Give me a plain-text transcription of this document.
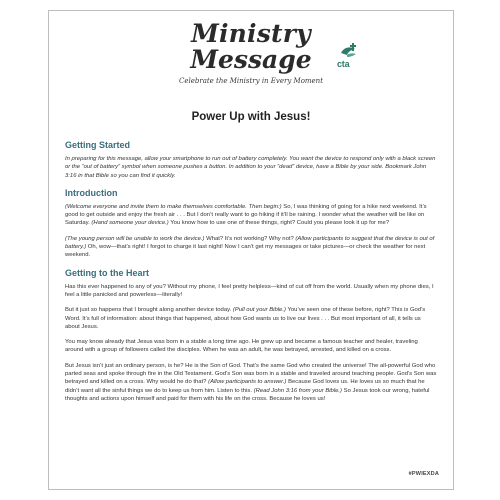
Ministry
Message	cta
Celebrate the Ministry in Every Moment
Power Up with Jesus!
Getting Started

In preparing for this message, allow your smartphone to run out of battery completely. You want the device to respond only with a black screen or the “out of battery” symbol when someone pushes a button. In addition to your “dead” device, have a Bible by your side. Bookmark John 3:16 in that Bible so you can find it quickly.

Introduction

(Welcome everyone and invite them to make themselves comfortable. Then begin:) So, I was thinking of going for a hike next weekend. It’s good to get outside and enjoy the fresh air . . . But I don’t really want to go hiking if it’ll be raining. I wonder what the weather will be like on Saturday. (Hand someone your device.) You know how to use one of these things, right? Could you please look it up for me?

(The young person will be unable to work the device.) What? It’s not working? Why not? (Allow participants to suggest that the device is out of battery.) Oh, wow—that’s right! I forgot to charge it last night! Now I can’t get my messages or take pictures—or check the weather for next weekend.

Getting to the Heart

Has this ever happened to any of you? Without my phone, I feel pretty helpless—kind of cut off from the world. Usually when my phone dies, I feel a little panicked and powerless—literally!

But it just so happens that I brought along another device today. (Pull out your Bible.) You’ve seen one of these before, right? This is God’s Word. It’s full of information: about things that happened, about how God wants us to live our lives . . . But most important of all, it tells us about Jesus.

You may know already that Jesus was born in a stable a long time ago. He grew up and became a famous teacher and healer, traveling around with a group of followers called the disciples. When he was an adult, he was betrayed, arrested, and killed on a cross.

But Jesus isn’t just an ordinary person, is he? He is the Son of God. That’s the same God who created the universe! The all-powerful God who parted seas and spoke through fire in the Old Testament. God’s Son was born in a stable and traveled around teaching people. God’s Son was betrayed and killed on a cross. Why would he do that? (Allow participants to answer.) Because God loves us. He loves us so much that he didn’t want all the sinful things we do to keep us from him. Listen to this. (Read John 3:16 from your Bible.) So Jesus took our wrong, hateful thoughts and actions upon himself and paid for them with his life on the cross. Because he loves us!

#PWIEXDA
